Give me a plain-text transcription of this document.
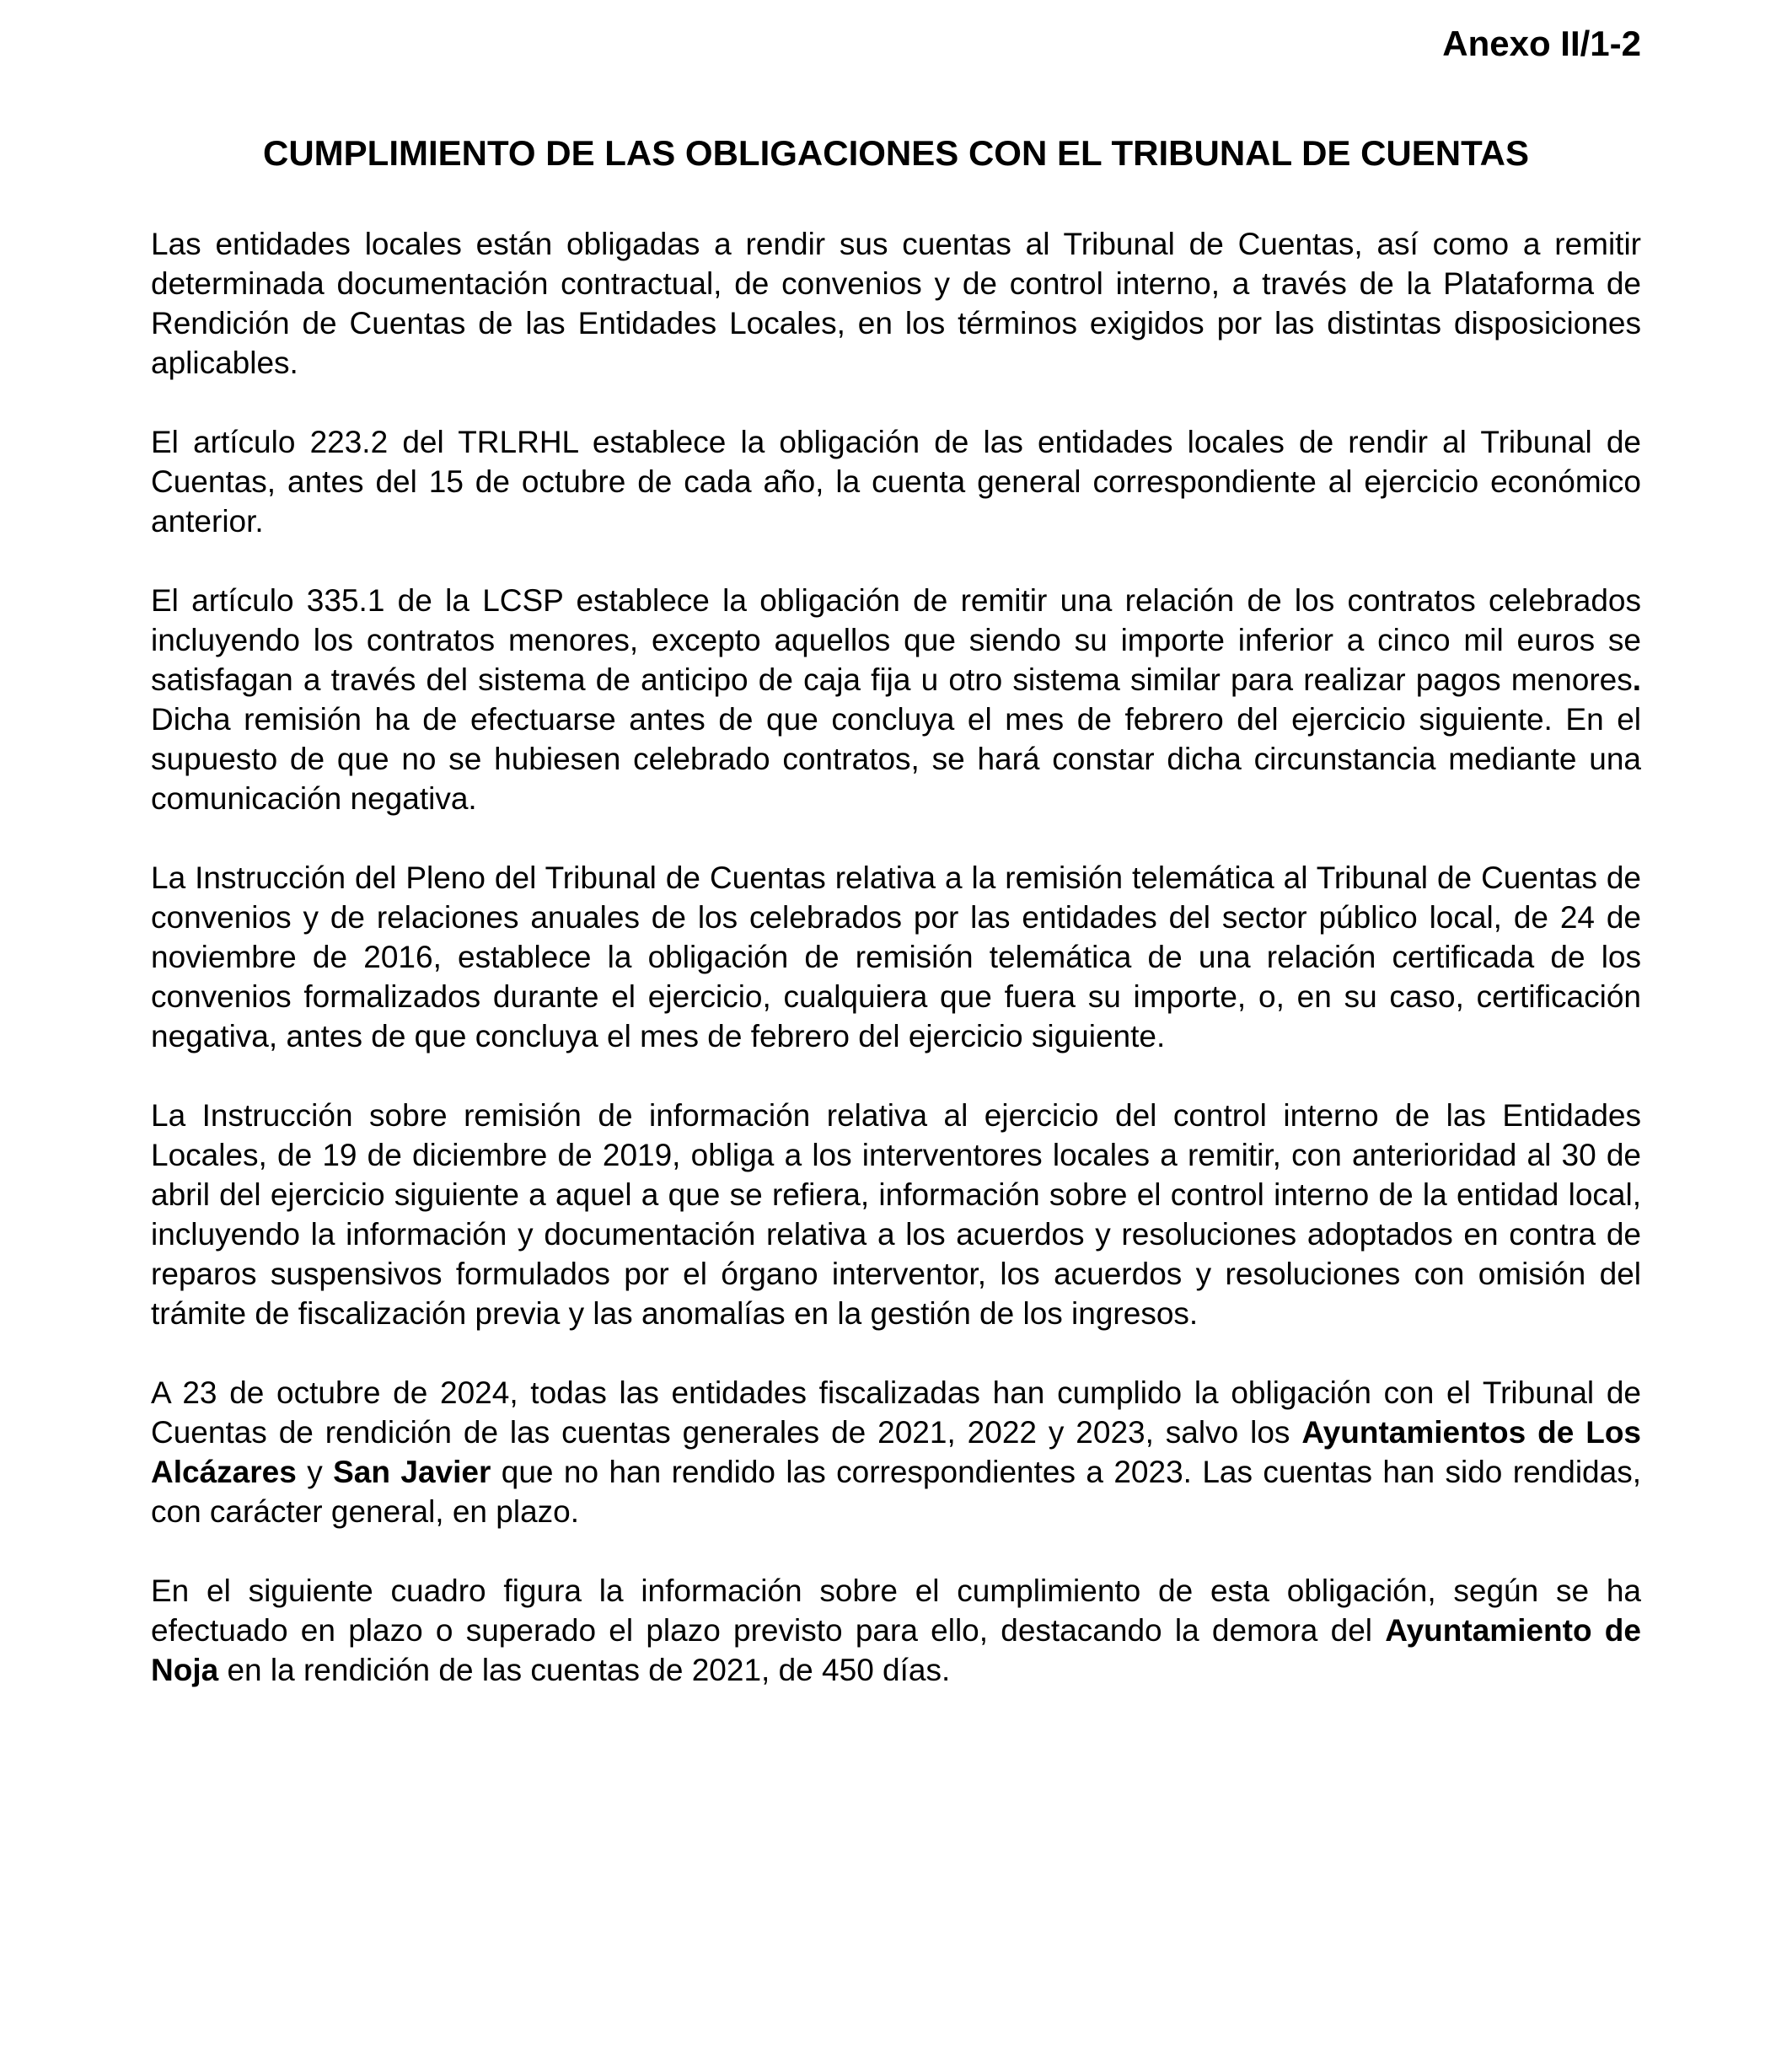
Anexo II/1-2
CUMPLIMIENTO DE LAS OBLIGACIONES CON EL TRIBUNAL DE CUENTAS

Las entidades locales están obligadas a rendir sus cuentas al Tribunal de Cuentas, así como a remitir determinada documentación contractual, de convenios y de control interno, a través de la Plataforma de Rendición de Cuentas de las Entidades Locales, en los términos exigidos por las distintas disposiciones aplicables.

El artículo 223.2 del TRLRHL establece la obligación de las entidades locales de rendir al Tribunal de Cuentas, antes del 15 de octubre de cada año, la cuenta general correspondiente al ejercicio económico anterior.

El artículo 335.1 de la LCSP establece la obligación de remitir una relación de los contratos celebrados incluyendo los contratos menores, excepto aquellos que siendo su importe inferior a cinco mil euros se satisfagan a través del sistema de anticipo de caja fija u otro sistema similar para realizar pagos menores. Dicha remisión ha de efectuarse antes de que concluya el mes de febrero del ejercicio siguiente. En el supuesto de que no se hubiesen celebrado contratos, se hará constar dicha circunstancia mediante una comunicación negativa.

La Instrucción del Pleno del Tribunal de Cuentas relativa a la remisión telemática al Tribunal de Cuentas de convenios y de relaciones anuales de los celebrados por las entidades del sector público local, de 24 de noviembre de 2016, establece la obligación de remisión telemática de una relación certificada de los convenios formalizados durante el ejercicio, cualquiera que fuera su importe, o, en su caso, certificación negativa, antes de que concluya el mes de febrero del ejercicio siguiente.

La Instrucción sobre remisión de información relativa al ejercicio del control interno de las Entidades Locales, de 19 de diciembre de 2019, obliga a los interventores locales a remitir, con anterioridad al 30 de abril del ejercicio siguiente a aquel a que se refiera, información sobre el control interno de la entidad local, incluyendo la información y documentación relativa a los acuerdos y resoluciones adoptados en contra de reparos suspensivos formulados por el órgano interventor, los acuerdos y resoluciones con omisión del trámite de fiscalización previa y las anomalías en la gestión de los ingresos.

A 23 de octubre de 2024, todas las entidades fiscalizadas han cumplido la obligación con el Tribunal de Cuentas de rendición de las cuentas generales de 2021, 2022 y 2023, salvo los Ayuntamientos de Los Alcázares y San Javier que no han rendido las correspondientes a 2023. Las cuentas han sido rendidas, con carácter general, en plazo.

En el siguiente cuadro figura la información sobre el cumplimiento de esta obligación, según se ha efectuado en plazo o superado el plazo previsto para ello, destacando la demora del Ayuntamiento de Noja en la rendición de las cuentas de 2021, de 450 días.
